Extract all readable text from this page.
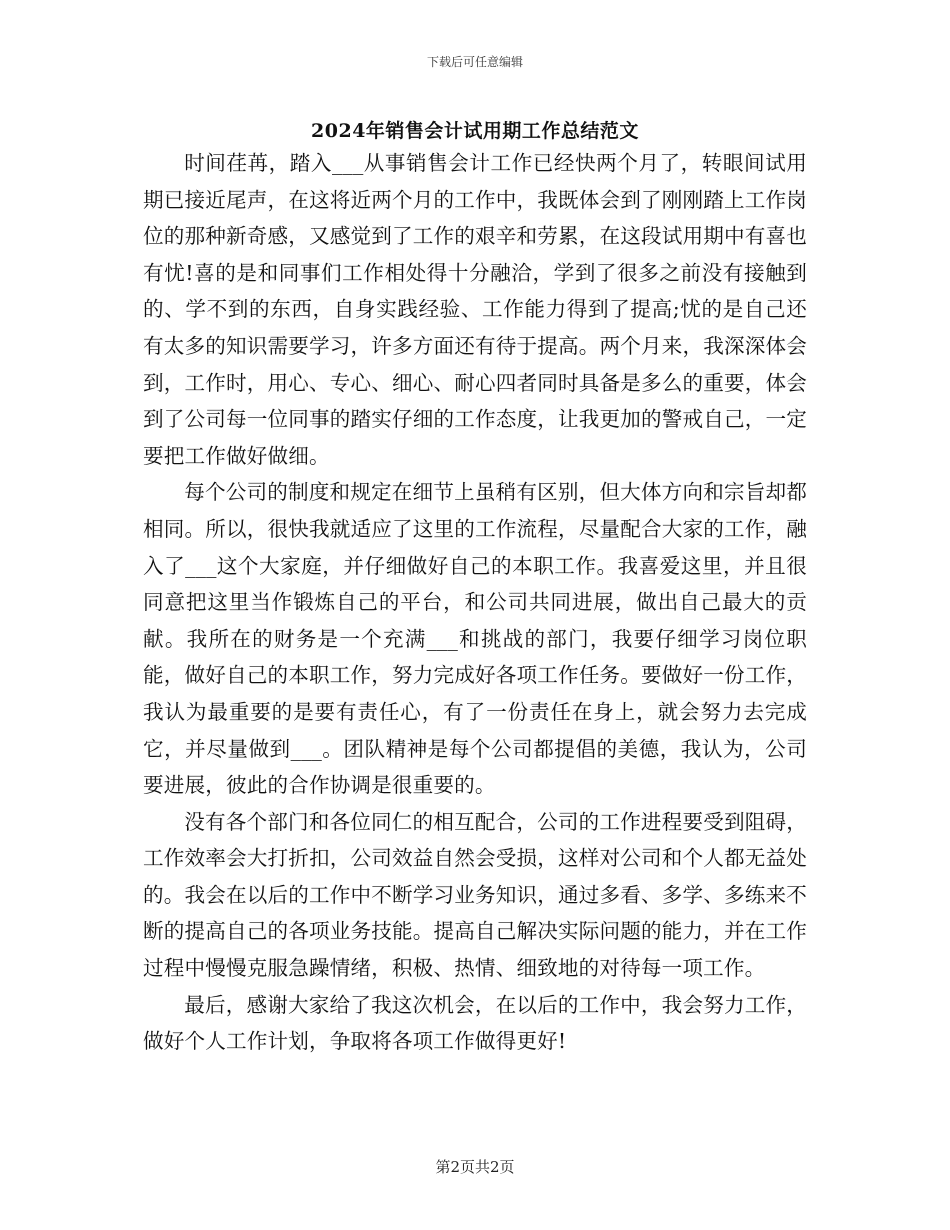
下载后可任意编辑
2024年销售会计试用期工作总结范文

时间荏苒，踏入___从事销售会计工作已经快两个月了，转眼间试用期已接近尾声，在这将近两个月的工作中，我既体会到了刚刚踏上工作岗位的那种新奇感，又感觉到了工作的艰辛和劳累，在这段试用期中有喜也有忧!喜的是和同事们工作相处得十分融洽，学到了很多之前没有接触到的、学不到的东西，自身实践经验、工作能力得到了提高;忧的是自己还有太多的知识需要学习，许多方面还有待于提高。两个月来，我深深体会到，工作时，用心、专心、细心、耐心四者同时具备是多么的重要，体会到了公司每一位同事的踏实仔细的工作态度，让我更加的警戒自己，一定要把工作做好做细。

每个公司的制度和规定在细节上虽稍有区别，但大体方向和宗旨却都相同。所以，很快我就适应了这里的工作流程，尽量配合大家的工作，融入了___这个大家庭，并仔细做好自己的本职工作。我喜爱这里，并且很同意把这里当作锻炼自己的平台，和公司共同进展，做出自己最大的贡献。我所在的财务是一个充满___和挑战的部门，我要仔细学习岗位职能，做好自己的本职工作，努力完成好各项工作任务。要做好一份工作，我认为最重要的是要有责任心，有了一份责任在身上，就会努力去完成它，并尽量做到___。团队精神是每个公司都提倡的美德，我认为，公司要进展，彼此的合作协调是很重要的。

没有各个部门和各位同仁的相互配合，公司的工作进程要受到阻碍，工作效率会大打折扣，公司效益自然会受损，这样对公司和个人都无益处的。我会在以后的工作中不断学习业务知识，通过多看、多学、多练来不断的提高自己的各项业务技能。提高自己解决实际问题的能力，并在工作过程中慢慢克服急躁情绪，积极、热情、细致地的对待每一项工作。

最后，感谢大家给了我这次机会，在以后的工作中，我会努力工作，做好个人工作计划，争取将各项工作做得更好!

第2页共2页
